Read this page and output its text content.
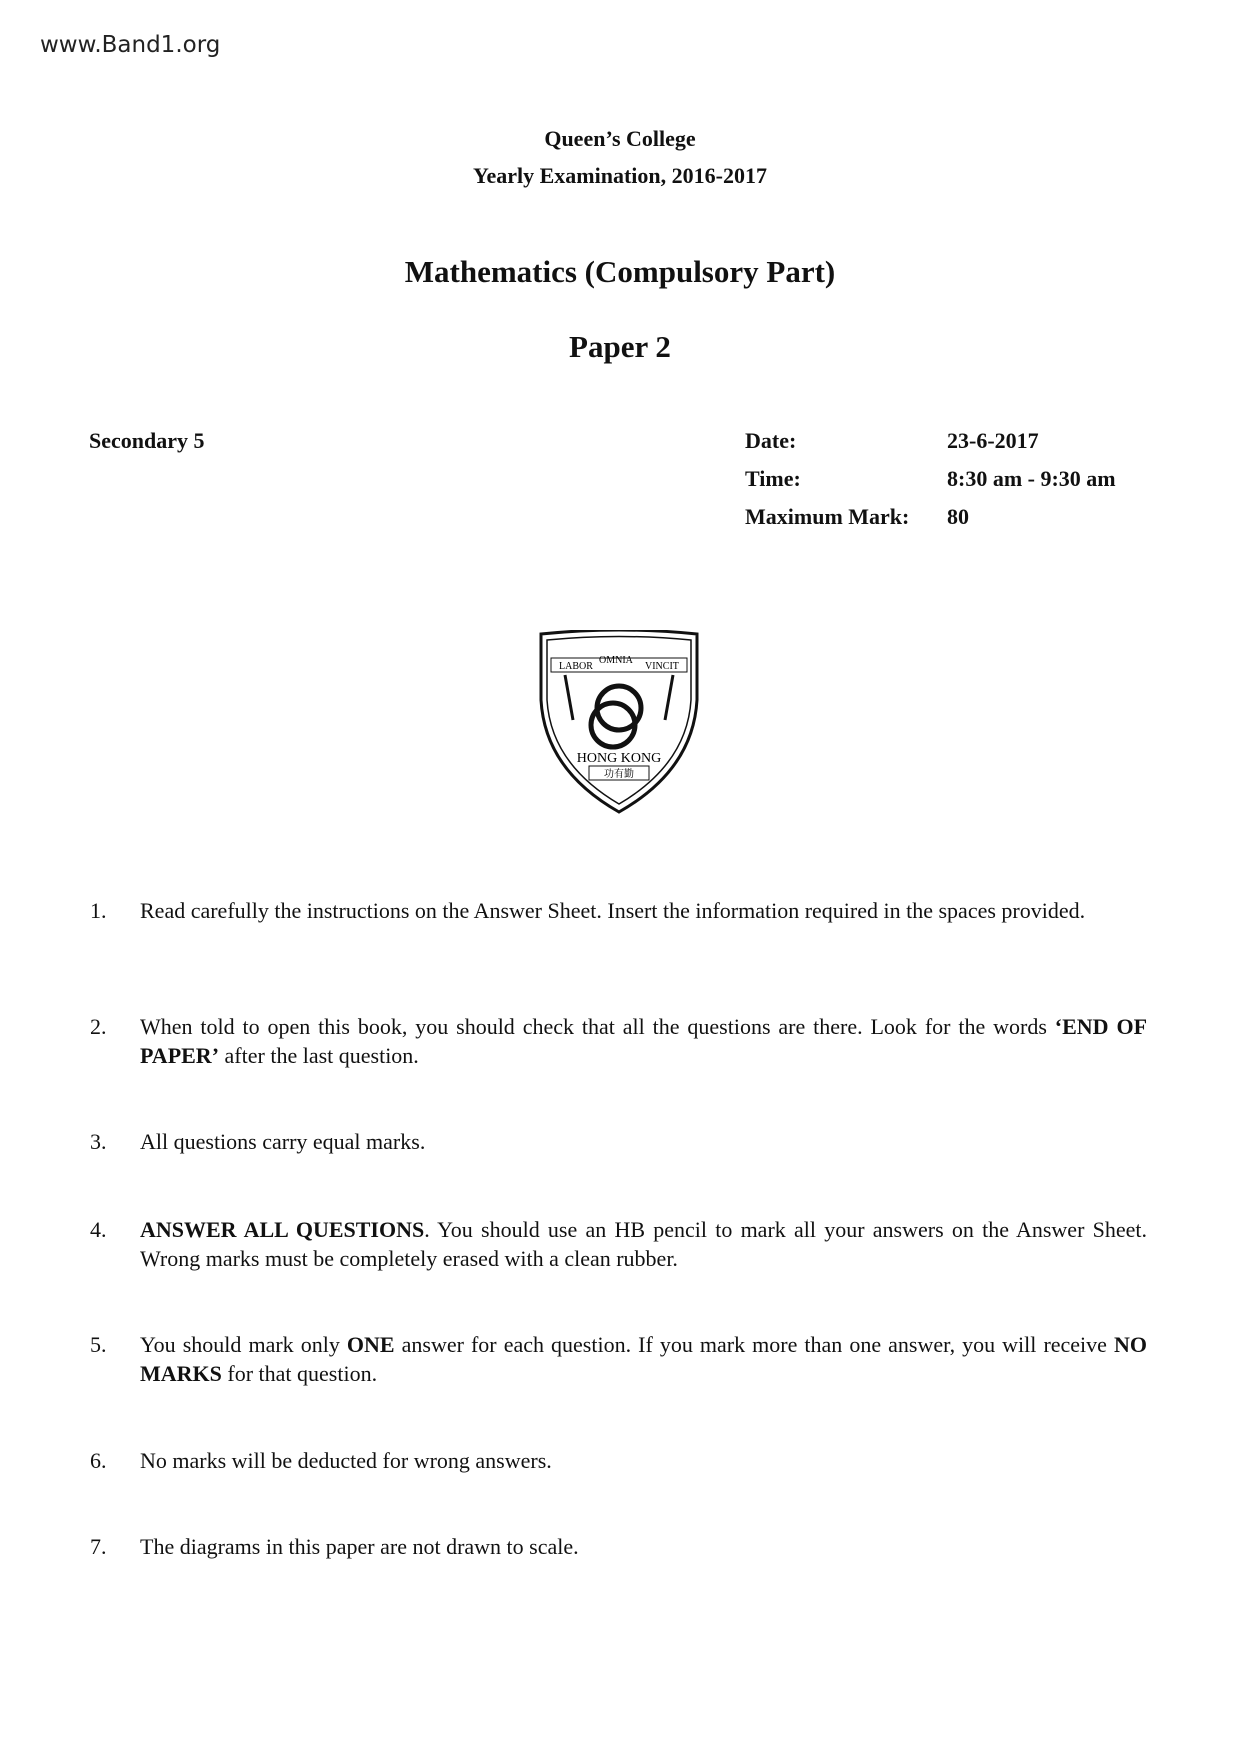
www.Band1.org
Queen’s College
Yearly Examination, 2016-2017
Mathematics (Compulsory Part)
Paper 2
Secondary 5	Date:	23-6-2017
Time:	8:30 am - 9:30 am
Maximum Mark: 80
LABOR
OMNIA
VINCIT
HONG KONG
功有勤
1. Read carefully the instructions on the Answer Sheet. Insert the information required in the spaces provided.
2. When told to open this book, you should check that all the questions are there. Look for the words ‘END OF PAPER’ after the last question.
3. All questions carry equal marks.
4. ANSWER ALL QUESTIONS. You should use an HB pencil to mark all your answers on the Answer Sheet. Wrong marks must be completely erased with a clean rubber.
5. You should mark only ONE answer for each question. If you mark more than one answer, you will receive NO MARKS for that question.
6. No marks will be deducted for wrong answers.
7. The diagrams in this paper are not drawn to scale.
